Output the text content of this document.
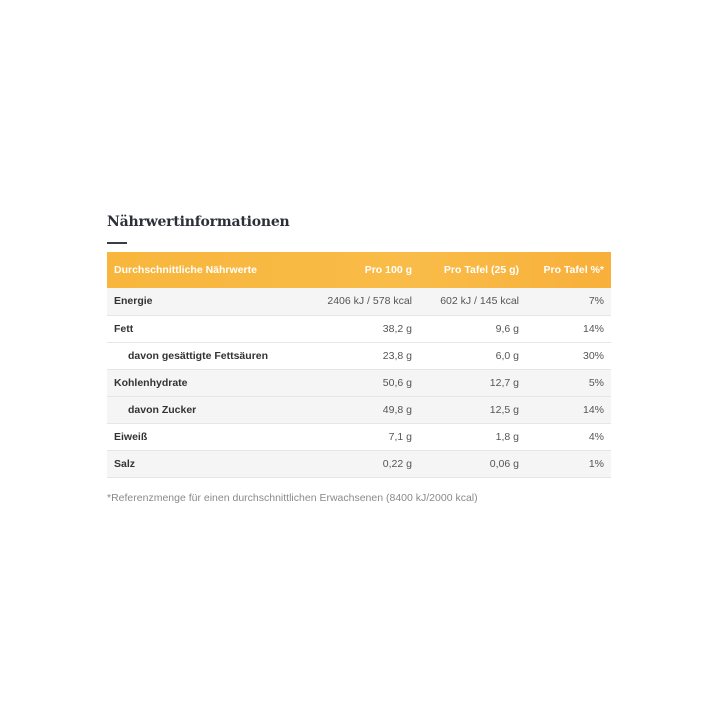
Nährwertinformationen
Durchschnittliche Nährwerte	Pro 100 g	Pro Tafel (25 g)	Pro Tafel %*
Energie	2406 kJ / 578 kcal	602 kJ / 145 kcal	7%
Fett	38,2 g	9,6 g	14%
davon gesättigte Fettsäuren	23,8 g	6,0 g	30%
Kohlenhydrate	50,6 g	12,7 g	5%
davon Zucker	49,8 g	12,5 g	14%
Eiweiß	7,1 g	1,8 g	4%
Salz	0,22 g	0,06 g	1%
*Referenzmenge für einen durchschnittlichen Erwachsenen (8400 kJ/2000 kcal)
